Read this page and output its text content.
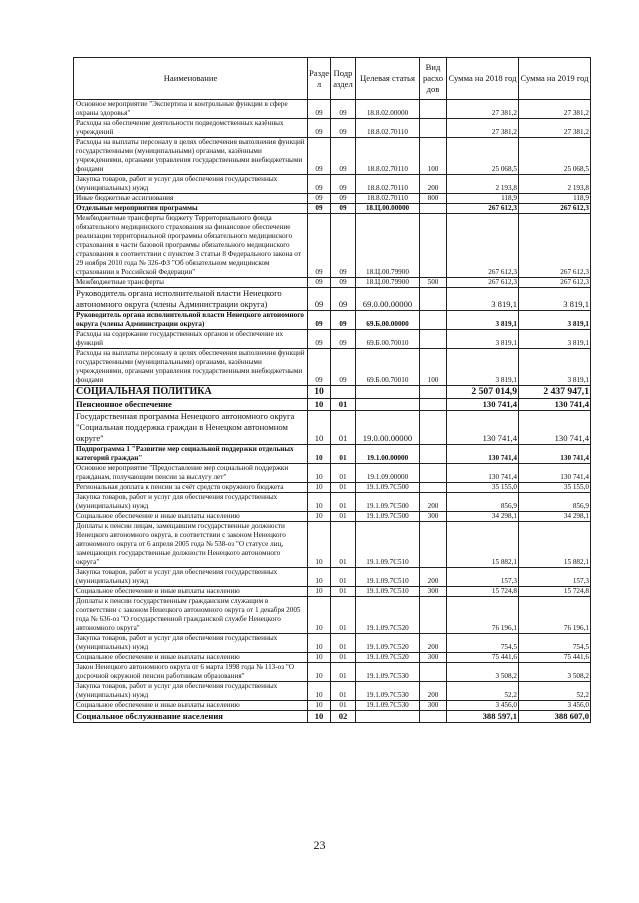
Наименование	Разде л	Подр аздел	Целевая статья	Вид расхо дов	Сумма на 2018 год	Сумма на 2019 год
Основное мероприятие "Экспертиза и контрольные функции в сфере охраны здоровья"	09	09	18.8.02.00000		27 381,2	27 381,2
Расходы на обеспечение деятельности подведомственных казённых учреждений	09	09	18.8.02.70110		27 381,2	27 381,2
Расходы на выплаты персоналу в целях обеспечения выполнения функций государственными (муниципальными) органами, казёнными учреждениями, органами управления государственными внебюджетными фондами	09	09	18.8.02.70110	100	25 068,5	25 068,5
Закупка товаров, работ и услуг для обеспечения государственных (муниципальных) нужд	09	09	18.8.02.70110	200	2 193,8	2 193,8
Иные бюджетные ассигнования	09	09	18.8.02.70110	800	118,9	118,9
Отдельные мероприятия программы	09	09	18.Ц.00.00000		267 612,3	267 612,3
Межбюджетные трансферты бюджету Территориального фонда обязательного медицинского страхования на финансовое обеспечение реализации территориальной программы обязательного медицинского страхования в части базовой программы обязательного медицинского страхования в соответствии с пунктом 3 статьи 8 Федерального закона от 29 ноября 2010 года № 326-ФЗ "Об обязательном медицинском страховании в Российской Федерации"	09	09	18.Ц.00.79900		267 612,3	267 612,3
Межбюджетные трансферты	09	09	18.Ц.00.79900	500	267 612,3	267 612,3
Руководитель органа исполнительной власти Ненецкого автономного округа (члены Администрации округа)	09	09	69.0.00.00000		3 819,1	3 819,1
Руководитель органа исполнительной власти Ненецкого автономного округа (члены Администрации округа)	09	09	69.Б.00.00000		3 819,1	3 819,1
Расходы на содержание государственных органов и обеспечение их функций	09	09	69.Б.00.70010		3 819,1	3 819,1
Расходы на выплаты персоналу в целях обеспечения выполнения функций государственными (муниципальными) органами, казёнными учреждениями, органами управления государственными внебюджетными фондами	09	09	69.Б.00.70010	100	3 819,1	3 819,1
СОЦИАЛЬНАЯ ПОЛИТИКА	10				2 507 014,9	2 437 947,1
Пенсионное обеспечение	10	01			130 741,4	130 741,4
Государственная программа Ненецкого автономного округа "Социальная поддержка граждан в Ненецком автономном округе"	10	01	19.0.00.00000		130 741,4	130 741,4
Подпрограмма 1 "Развитие мер социальной поддержки отдельных категорий граждан"	10	01	19.1.00.00000		130 741,4	130 741,4
Основное мероприятие "Предоставление мер социальной поддержки гражданам, получающим пенсии за выслугу лет"	10	01	19.1.09.00000		130 741,4	130 741,4
Региональная доплата к пенсии за счёт средств окружного бюджета	10	01	19.1.09.7C500		35 155,0	35 155,0
Закупка товаров, работ и услуг для обеспечения государственных (муниципальных) нужд	10	01	19.1.09.7C500	200	856,9	856,9
Социальное обеспечение и иные выплаты населению	10	01	19.1.09.7C500	300	34 298,1	34 298,1
Доплаты к пенсии лицам, замещавшим государственные должности Ненецкого автономного округа, в соответствии с законом Ненецкого автономного округа от 6 апреля 2005 года № 538-оз "О статусе лиц, замещающих государственные должности Ненецкого автономного округа"	10	01	19.1.09.7C510		15 882,1	15 882,1
Закупка товаров, работ и услуг для обеспечения государственных (муниципальных) нужд	10	01	19.1.09.7C510	200	157,3	157,3
Социальное обеспечение и иные выплаты населению	10	01	19.1.09.7C510	300	15 724,8	15 724,8
Доплаты к пенсии государственным гражданским служащим в соответствии с законом Ненецкого автономного округа от 1 декабря 2005 года № 636-оз "О государственной гражданской службе Ненецкого автономного округа"	10	01	19.1.09.7C520		76 196,1	76 196,1
Закупка товаров, работ и услуг для обеспечения государственных (муниципальных) нужд	10	01	19.1.09.7C520	200	754,5	754,5
Социальное обеспечение и иные выплаты населению	10	01	19.1.09.7C520	300	75 441,6	75 441,6
Закон Ненецкого автономного округа от 6 марта 1998 года № 113-оз "О досрочной окружной пенсии работникам образования"	10	01	19.1.09.7C530		3 508,2	3 508,2
Закупка товаров, работ и услуг для обеспечения государственных (муниципальных) нужд	10	01	19.1.09.7C530	200	52,2	52,2
Социальное обеспечение и иные выплаты населению	10	01	19.1.09.7C530	300	3 456,0	3 456,0
Социальное обслуживание населения	10	02			388 597,1	388 607,0
23
